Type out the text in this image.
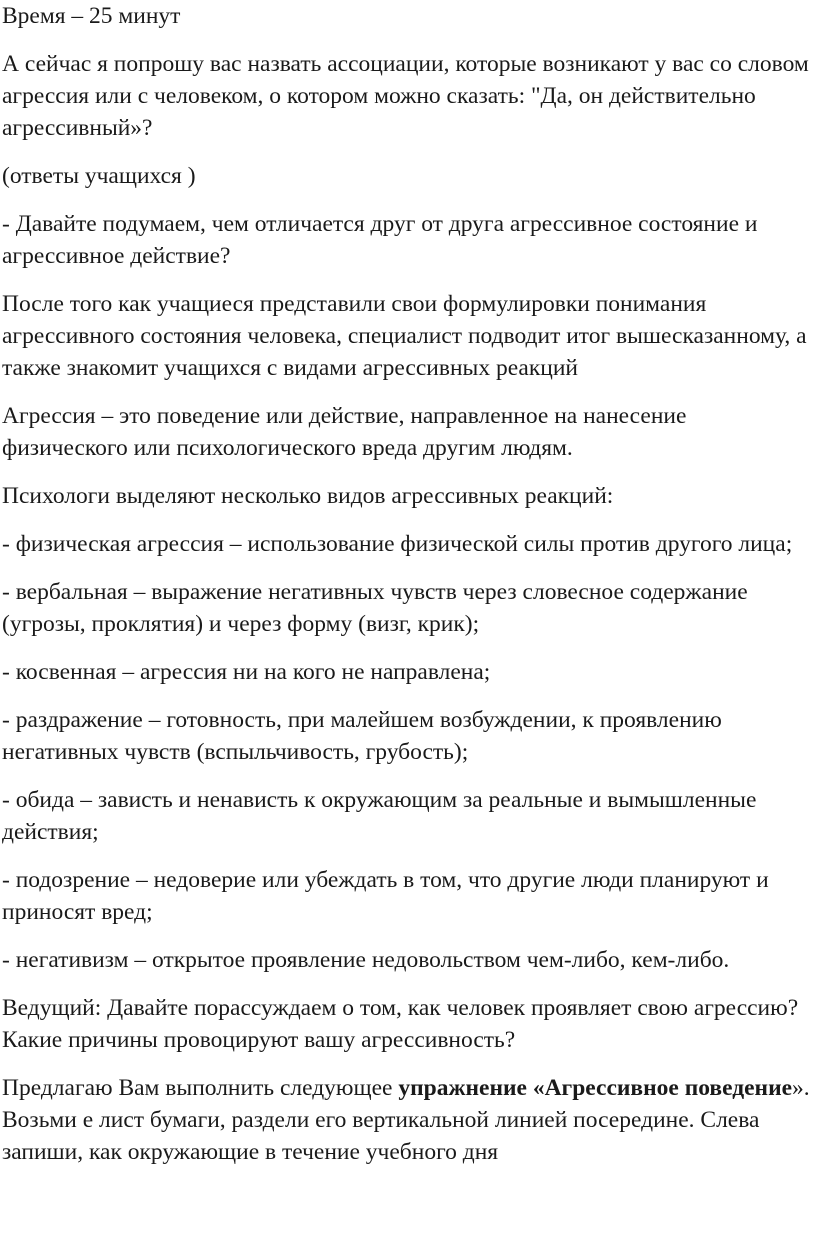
Время – 25 минут

А сейчас я попрошу вас назвать ассоциации, которые возникают у вас со словом агрессия или с человеком, о котором можно сказать: "Да, он действительно агрессивный»?

(ответы учащихся )

- Давайте подумаем, чем отличается друг от друга агрессивное состояние и агрессивное действие?

После того как учащиеся представили свои формулировки понимания агрессивного состояния человека, специалист подводит итог вышесказанному, а также знакомит учащихся с видами агрессивных реакций

Агрессия – это поведение или действие, направленное на нанесение физического или психологического вреда другим людям.

Психологи выделяют несколько видов агрессивных реакций:

- физическая агрессия – использование физической силы против другого лица;

- вербальная – выражение негативных чувств через словесное содержание (угрозы, проклятия) и через форму (визг, крик);

- косвенная – агрессия ни на кого не направлена;

- раздражение – готовность, при малейшем возбуждении, к проявлению негативных чувств (вспыльчивость, грубость);

- обида – зависть и ненависть к окружающим за реальные и вымышленные действия;

- подозрение – недоверие или убеждать в том, что другие люди планируют и приносят вред;

- негативизм – открытое проявление недовольством чем-либо, кем-либо.

Ведущий: Давайте порассуждаем о том, как человек проявляет свою агрессию? Какие причины провоцируют вашу агрессивность?

Предлагаю Вам выполнить следующее упражнение «Агрессивное поведение». Возьми е лист бумаги, раздели его вертикальной линией посередине. Слева запиши, как окружающие в течение учебного дня
